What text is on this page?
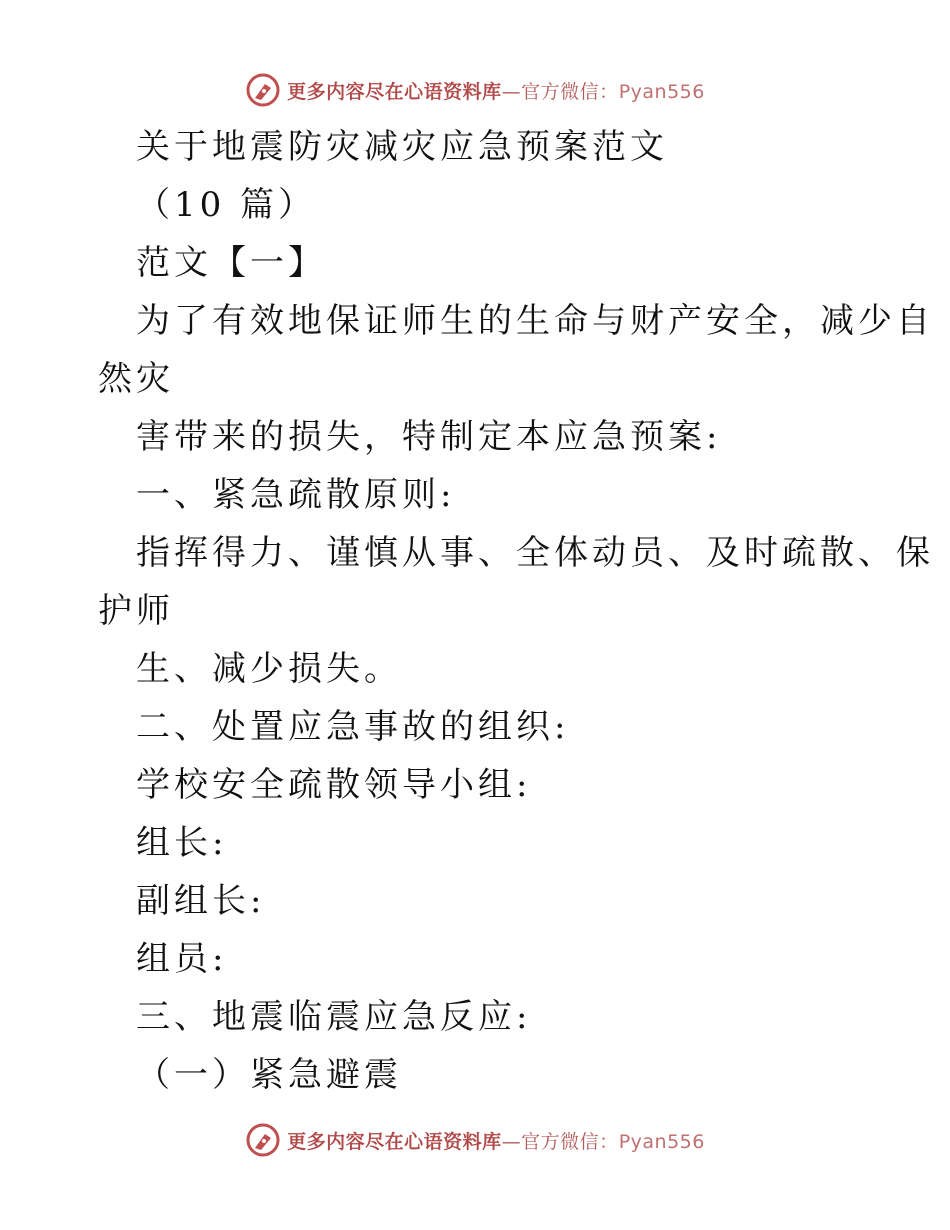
更多内容尽在心语资料库—官方微信：Pyan556
关于地震防灾减灾应急预案范文
（10 篇）
范文【一】
为了有效地保证师生的生命与财产安全，减少自
然灾
害带来的损失，特制定本应急预案:
一、紧急疏散原则:
指挥得力、谨慎从事、全体动员、及时疏散、保
护师
生、减少损失。
二、处置应急事故的组织:
学校安全疏散领导小组:
组长:
副组长:
组员:
三、地震临震应急反应:
（一）紧急避震
更多内容尽在心语资料库—官方微信：Pyan556
